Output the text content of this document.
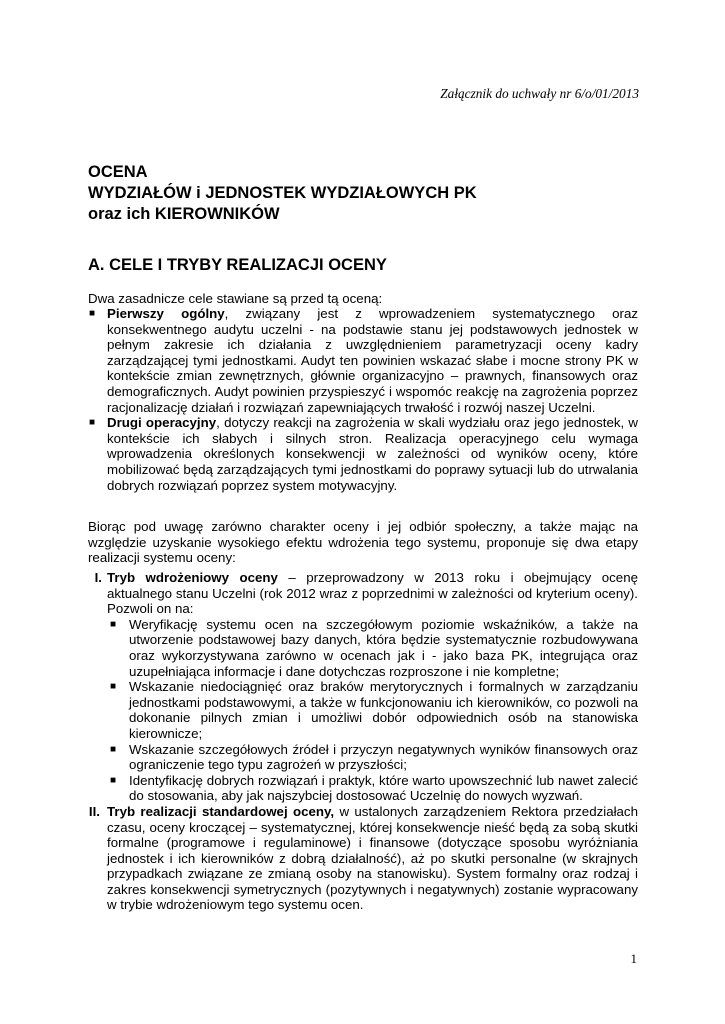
Załącznik do uchwały nr 6/o/01/2013
OCENA
WYDZIAŁÓW i JEDNOSTEK WYDZIAŁOWYCH PK
oraz ich KIEROWNIKÓW
A. CELE I TRYBY REALIZACJI OCENY
Dwa zasadnicze cele stawiane są przed tą oceną:
■ Pierwszy ogólny, związany jest z wprowadzeniem systematycznego oraz konsekwentnego audytu uczelni - na podstawie stanu jej podstawowych jednostek w pełnym zakresie ich działania z uwzględnieniem parametryzacji oceny kadry zarządzającej tymi jednostkami. Audyt ten powinien wskazać słabe i mocne strony PK w kontekście zmian zewnętrznych, głównie organizacyjno – prawnych, finansowych oraz demograficznych. Audyt powinien przyspieszyć i wspomóc reakcję na zagrożenia poprzez racjonalizację działań i rozwiązań zapewniających trwałość i rozwój naszej Uczelni.
■ Drugi operacyjny, dotyczy reakcji na zagrożenia w skali wydziału oraz jego jednostek, w kontekście ich słabych i silnych stron. Realizacja operacyjnego celu wymaga wprowadzenia określonych konsekwencji w zależności od wyników oceny, które mobilizować będą zarządzających tymi jednostkami do poprawy sytuacji lub do utrwalania dobrych rozwiązań poprzez system motywacyjny.
Biorąc pod uwagę zarówno charakter oceny i jej odbiór społeczny, a także mając na względzie uzyskanie wysokiego efektu wdrożenia tego systemu, proponuje się dwa etapy realizacji systemu oceny:
I. Tryb wdrożeniowy oceny – przeprowadzony w 2013 roku i obejmujący ocenę aktualnego stanu Uczelni (rok 2012 wraz z poprzednimi w zależności od kryterium oceny). Pozwoli on na:
■ Weryfikację systemu ocen na szczegółowym poziomie wskaźników, a także na utworzenie podstawowej bazy danych, która będzie systematycznie rozbudowywana oraz wykorzystywana zarówno w ocenach jak i - jako baza PK, integrująca oraz uzupełniająca informacje i dane dotychczas rozproszone i nie kompletne;
■ Wskazanie niedociągnięć oraz braków merytorycznych i formalnych w zarządzaniu jednostkami podstawowymi, a także w funkcjonowaniu ich kierowników, co pozwoli na dokonanie pilnych zmian i umożliwi dobór odpowiednich osób na stanowiska kierownicze;
■ Wskazanie szczegółowych źródeł i przyczyn negatywnych wyników finansowych oraz ograniczenie tego typu zagrożeń w przyszłości;
■ Identyfikację dobrych rozwiązań i praktyk, które warto upowszechnić lub nawet zalecić do stosowania, aby jak najszybciej dostosować Uczelnię do nowych wyzwań.
II. Tryb realizacji standardowej oceny, w ustalonych zarządzeniem Rektora przedziałach czasu, oceny kroczącej – systematycznej, której konsekwencje nieść będą za sobą skutki formalne (programowe i regulaminowe) i finansowe (dotyczące sposobu wyróżniania jednostek i ich kierowników z dobrą działalność), aż po skutki personalne (w skrajnych przypadkach związane ze zmianą osoby na stanowisku). System formalny oraz rodzaj i zakres konsekwencji symetrycznych (pozytywnych i negatywnych) zostanie wypracowany w trybie wdrożeniowym tego systemu ocen.
1
